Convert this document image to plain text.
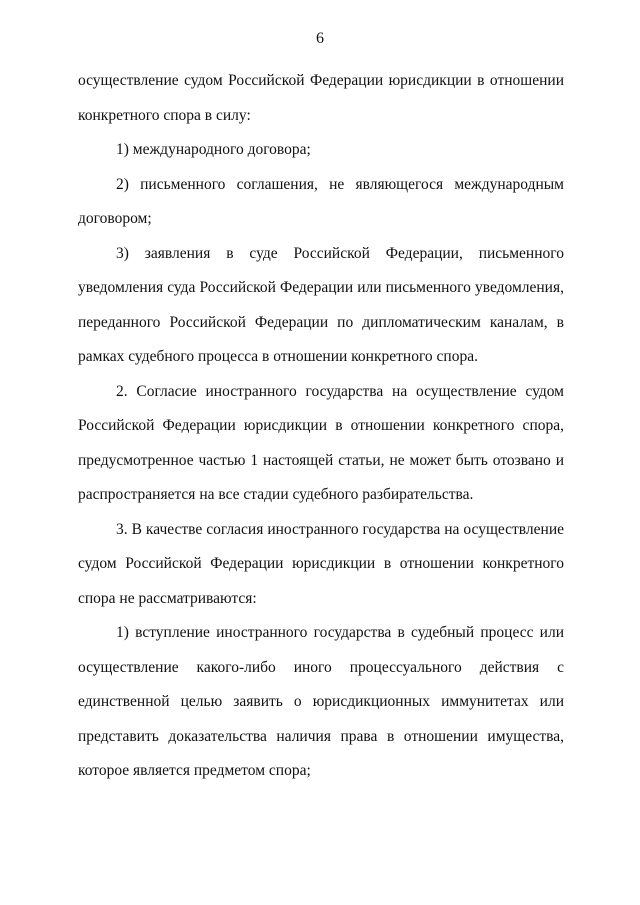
6

осуществление судом Российской Федерации юрисдикции в отношении конкретного спора в силу:

1) международного договора;

2) письменного соглашения, не являющегося международным договором;

3) заявления в суде Российской Федерации, письменного уведомления суда Российской Федерации или письменного уведомления, переданного Российской Федерации по дипломатическим каналам, в рамках судебного процесса в отношении конкретного спора.

2. Согласие иностранного государства на осуществление судом Российской Федерации юрисдикции в отношении конкретного спора, предусмотренное частью 1 настоящей статьи, не может быть отозвано и распространяется на все стадии судебного разбирательства.

3. В качестве согласия иностранного государства на осуществление судом Российской Федерации юрисдикции в отношении конкретного спора не рассматриваются:

1) вступление иностранного государства в судебный процесс или осуществление какого-либо иного процессуального действия с единственной целью заявить о юрисдикционных иммунитетах или представить доказательства наличия права в отношении имущества, которое является предметом спора;
